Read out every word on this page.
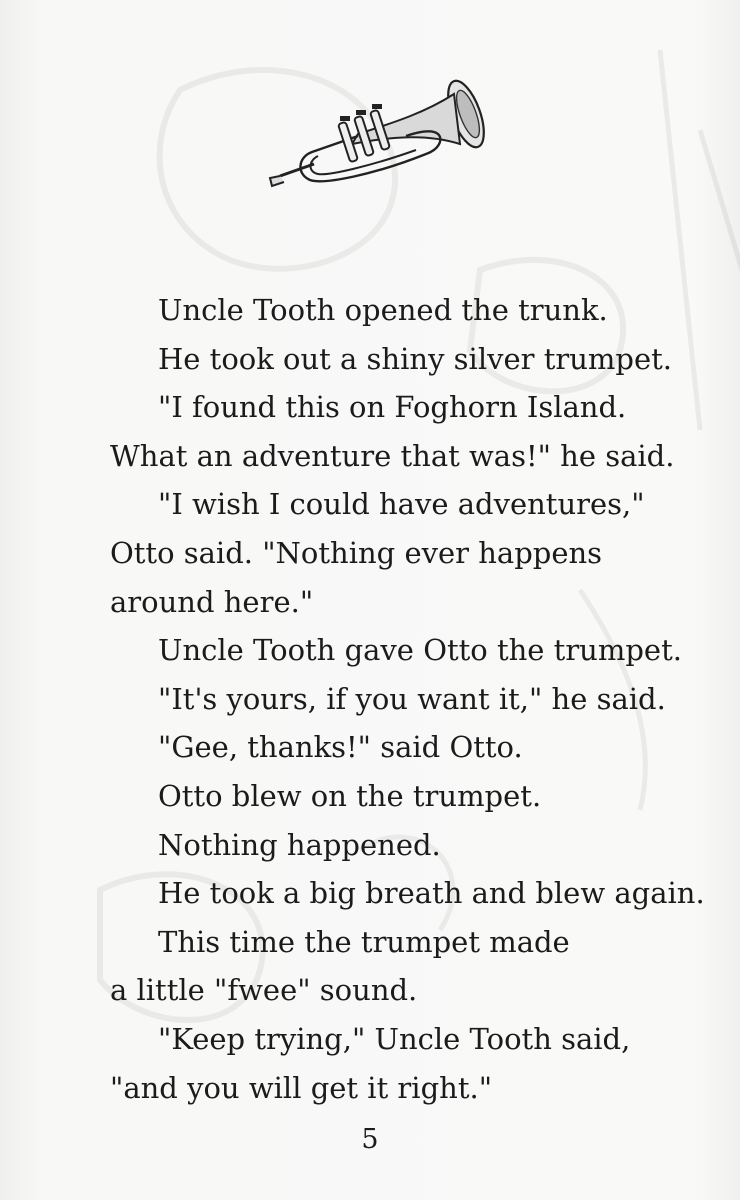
Uncle Tooth opened the trunk.
He took out a shiny silver trumpet.
"I found this on Foghorn Island.
What an adventure that was!" he said.
"I wish I could have adventures,"
Otto said. "Nothing ever happens
around here."
Uncle Tooth gave Otto the trumpet.
"It's yours, if you want it," he said.
"Gee, thanks!" said Otto.
Otto blew on the trumpet.
Nothing happened.
He took a big breath and blew again.
This time the trumpet made
a little "fwee" sound.
"Keep trying," Uncle Tooth said,
"and you will get it right."
5
